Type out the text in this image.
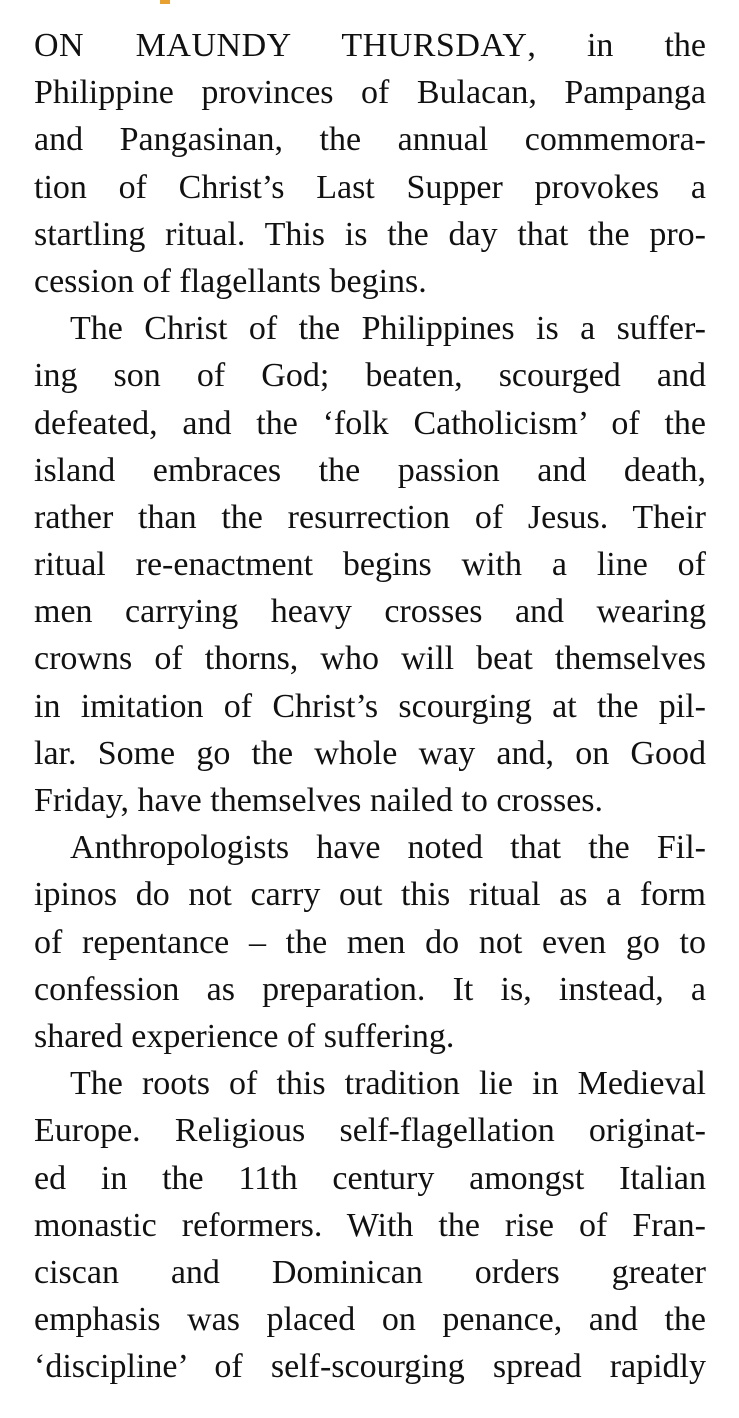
ON MAUNDY THURSDAY, in the
Philippine provinces of Bulacan, Pampanga
and Pangasinan, the annual commemora-
tion of Christ’s Last Supper provokes a
startling ritual. This is the day that the pro-
cession of flagellants begins.
The Christ of the Philippines is a suffer-
ing son of God; beaten, scourged and
defeated, and the ‘folk Catholicism’ of the
island embraces the passion and death,
rather than the resurrection of Jesus. Their
ritual re-enactment begins with a line of
men carrying heavy crosses and wearing
crowns of thorns, who will beat themselves
in imitation of Christ’s scourging at the pil-
lar. Some go the whole way and, on Good
Friday, have themselves nailed to crosses.
Anthropologists have noted that the Fil-
ipinos do not carry out this ritual as a form
of repentance – the men do not even go to
confession as preparation. It is, instead, a
shared experience of suffering.
The roots of this tradition lie in Medieval
Europe. Religious self-flagellation originat-
ed in the 11th century amongst Italian
monastic reformers. With the rise of Fran-
ciscan and Dominican orders greater
emphasis was placed on penance, and the
‘discipline’ of self-scourging spread rapidly
